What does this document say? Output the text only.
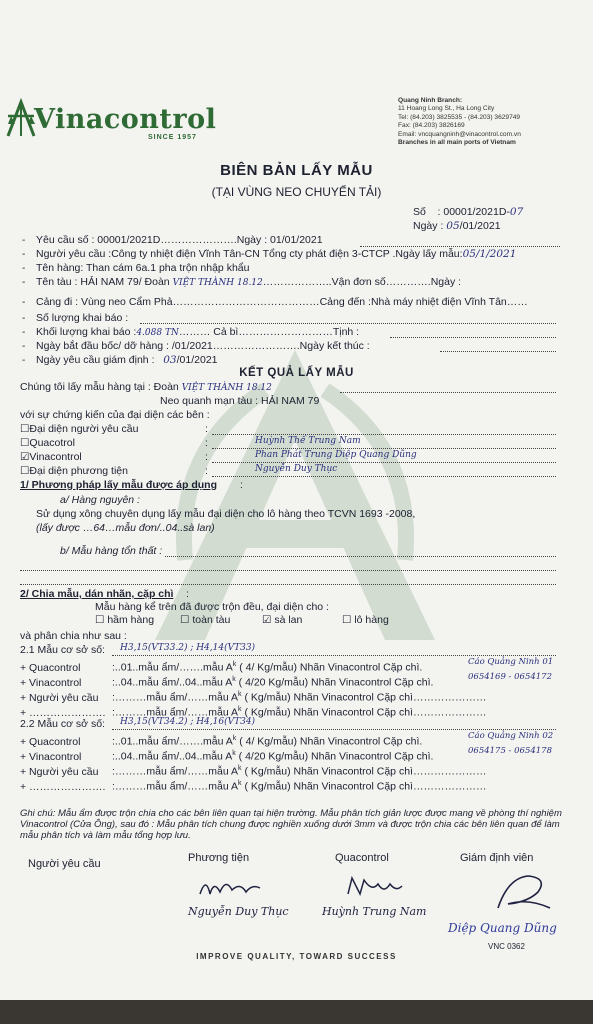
Vinacontrol
SINCE 1957
Quang Ninh Branch:
11 Hoang Long St., Ha Long City
Tel: (84.203) 3825535 - (84.203) 3629749
Fax: (84.203) 3826169
Email: vncquangninh@vinacontrol.com.vn
Branches in all main ports of Vietnam
BIÊN BẢN LẤY MẪU
(TẠI VÙNG NEO CHUYỂN TẢI)
Số : 00001/2021D-07
Ngày : 05/01/2021
- Yêu cầu số : 00001/2021D………………….Ngày : 01/01/2021
- Người yêu cầu :Công ty nhiệt điện Vĩnh Tân-CN Tổng cty phát điện 3-CTCP .Ngày lấy mẫu:05/1/2021
- Tên hàng: Than cám 6a.1 pha trộn nhập khẩu
- Tên tàu : HẢI NAM 79/ Đoàn VIỆT THÀNH 18.12………………..Vận đơn số………….Ngày :
- Cảng đi : Vùng neo Cẩm Phả……………………………………Cảng đến :Nhà máy nhiệt điện Vĩnh Tân……
- Số lượng khai báo :
- Khối lượng khai báo :4.088 TN……… Cả bì………………………Tịnh :
- Ngày bắt đầu bốc/ dỡ hàng : /01/2021…………………….Ngày kết thúc :
- Ngày yêu cầu giám định : 03/01/2021
KẾT QUẢ LẤY MẪU
Chúng tôi lấy mẫu hàng tại : Đoàn VIỆT THÀNH 18.12
Neo quanh mạn tàu : HẢI NAM 79
với sự chứng kiến của đại diện các bên :
☐Đại diện người yêu cầu	:
☐Quacotrol	:	Huỳnh Thế Trung Nam
☑Vinacontrol	:	Phan Phát Trung Diệp Quang Dũng
☐Đại diện phương tiện	:	Nguyễn Duy Thục
1/ Phương pháp lấy mẫu được áp dụng :
a/ Hàng nguyên :
Sử dụng xông chuyên dụng lấy mẫu đại diện cho lô hàng theo TCVN 1693 -2008,
(lấy được …64…mẫu đơn/..04..sà lan)
b/ Mẫu hàng tổn thất :
2/ Chia mẫu, dán nhãn, cặp chì :
Mẫu hàng kể trên đã được trộn đều, đại diện cho :
☐ hầm hàng ☐ toàn tàu	☑ sà lan	☐ lô hàng
và phân chia như sau :
2.1 Mẫu cơ sở số: H3,15(VT33.2) ; H4,14(VT33)
+ Quacontrol	:..01..mẫu ẩm/…….mẫu $A^k$ ( 4/ Kg/mẫu) Nhãn Vinacontrol Cặp chì.	Cáo Quảng Ninh 01
+ Vinacontrol	:..04..mẫu ẩm/..04..mẫu $A^k$ ( 4/20 Kg/mẫu) Nhãn Vinacontrol Cặp chì.	0654169 - 0654172
+ Người yêu cầu :………mẫu ẩm/……mẫu $A^k$ ( Kg/mẫu) Nhãn Vinacontrol Cặp chì…………………
+ …………………. :………mẫu ẩm/……mẫu $A^k$ ( Kg/mẫu) Nhãn Vinacontrol Cặp chì…………………
2.2 Mẫu cơ sở số: H3,15(VT34.2) ; H4,16(VT34)
+ Quacontrol	:..01..mẫu ẩm/…….mẫu $A^k$ ( 4/ Kg/mẫu) Nhãn Vinacontrol Cặp chì.	Cáo Quảng Ninh 02
+ Vinacontrol	:..04..mẫu ẩm/..04..mẫu $A^k$ ( 4/20 Kg/mẫu) Nhãn Vinacontrol Cặp chì.	0654175 - 0654178
+ Người yêu cầu :………mẫu ẩm/……mẫu $A^k$ ( Kg/mẫu) Nhãn Vinacontrol Cặp chì…………………
+ …………………. :………mẫu ẩm/……mẫu $A^k$ ( Kg/mẫu) Nhãn Vinacontrol Cặp chì…………………
Ghi chú: Mẫu ẩm được trộn chia cho các bên liên quan tại hiện trường. Mẫu phân tích giản lược được mang về phòng thí nghiệm Vinacontrol (Cửa Ông), sau đó : Mẫu phân tích chung được nghiền xuống dưới 3mm và được trộn chia các bên liên quan để làm mẫu phân tích và làm mẫu tổng hợp lưu.
Người yêu cầu	Phương tiện	Quacontrol	Giám định viên
Nguyễn Duy Thục	Huỳnh Trung Nam
Diệp Quang Dũng
VNC 0362
IMPROVE QUALITY, TOWARD SUCCESS
